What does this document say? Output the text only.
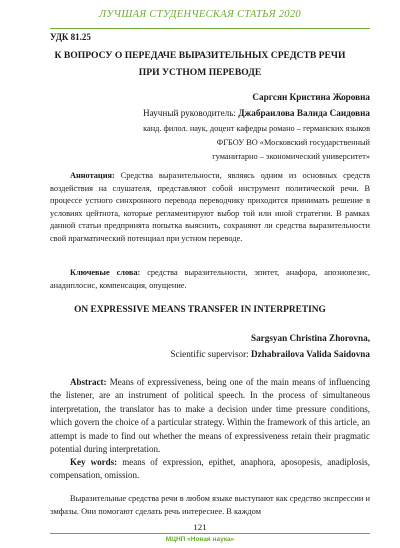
ЛУЧШАЯ СТУДЕНЧЕСКАЯ СТАТЬЯ 2020
УДК 81.25
К ВОПРОСУ О ПЕРЕДАЧЕ ВЫРАЗИТЕЛЬНЫХ СРЕДСТВ РЕЧИ
ПРИ УСТНОМ ПЕРЕВОДЕ
Саргсян Кристина Жоровна
Научный руководитель: Джабраилова Валида Саидовна
канд. филол. наук, доцент кафедры романо – германских языков
ФГБОУ ВО «Московский государственный
гуманитарно – экономический университет»
Аннотация: Средства выразительности, являясь одним из основных средств воздействия на слушателя, представляют собой инструмент политической речи. В процессе устного синхронного перевода переводчику приходится принимать решение в условиях цейтнота, которые регламентируют выбор той или иной стратегии. В рамках данной статьи предпринята попытка выяснить, сохраняют ли средства выразительности свой прагматический потенциал при устном переводе.
Ключевые слова: средства выразительности, эпитет, анафора, апозиопезис, анадиплосис, компенсация, опущение.
ON EXPRESSIVE MEANS TRANSFER IN INTERPRETING
Sargsyan Christina Zhorovna,
Scientific supervisor: Dzhabrailova Valida Saidovna
Abstract: Means of expressiveness, being one of the main means of influencing the listener, are an instrument of political speech. In the process of simultaneous interpretation, the translator has to make a decision under time pressure conditions, which govern the choice of a particular strategy. Within the framework of this article, an attempt is made to find out whether the means of expressiveness retain their pragmatic potential during interpretation.
Key words: means of expression, epithet, anaphora, aposopesis, anadiplosis, compensation, omission.
Выразительные средства речи в любом языке выступают как средство экспрессии и эмфазы. Они помогают сделать речь интереснее. В каждом
121
МЦНП «Новая наука»
